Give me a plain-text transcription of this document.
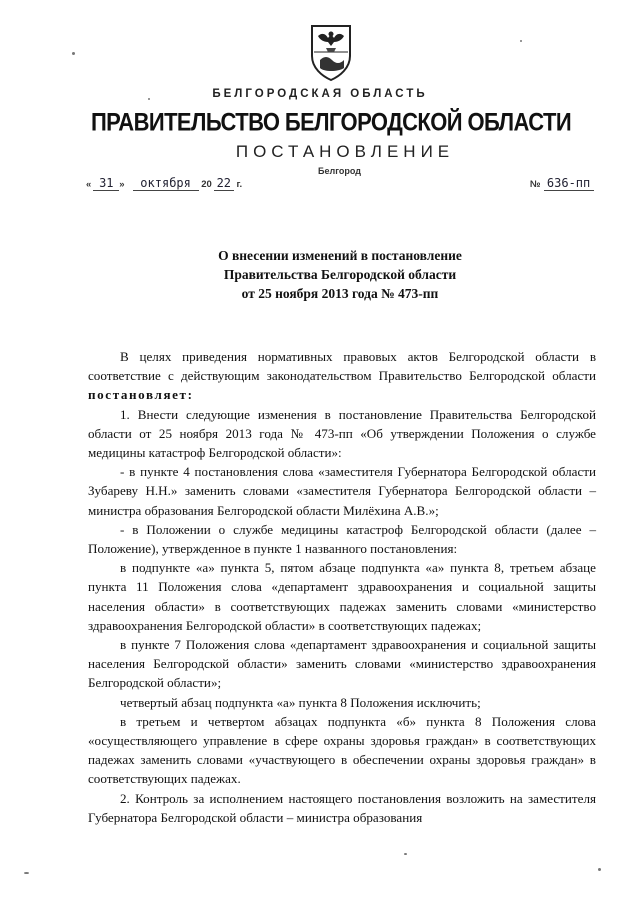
БЕЛГОРОДСКАЯ ОБЛАСТЬ
ПРАВИТЕЛЬСТВО БЕЛГОРОДСКОЙ ОБЛАСТИ
ПОСТАНОВЛЕНИЕ
Белгород
« 31 » октября 20 22 г.	№ 636-пп
О внесении изменений в постановление
Правительства Белгородской области
от 25 ноября 2013 года № 473-пп

В целях приведения нормативных правовых актов Белгородской области в соответствие с действующим законодательством Правительство Белгородской области постановляет:

1. Внести следующие изменения в постановление Правительства Белгородской области от 25 ноября 2013 года № 473-пп «Об утверждении Положения о службе медицины катастроф Белгородской области»:

- в пункте 4 постановления слова «заместителя Губернатора Белгородской области Зубареву Н.Н.» заменить словами «заместителя Губернатора Белгородской области – министра образования Белгородской области Милёхина А.В.»;

- в Положении о службе медицины катастроф Белгородской области (далее – Положение), утвержденное в пункте 1 названного постановления:

в подпункте «а» пункта 5, пятом абзаце подпункта «а» пункта 8, третьем абзаце пункта 11 Положения слова «департамент здравоохранения и социальной защиты населения области» в соответствующих падежах заменить словами «министерство здравоохранения Белгородской области» в соответствующих падежах;

в пункте 7 Положения слова «департамент здравоохранения и социальной защиты населения Белгородской области» заменить словами «министерство здравоохранения Белгородской области»;

четвертый абзац подпункта «а» пункта 8 Положения исключить;

в третьем и четвертом абзацах подпункта «б» пункта 8 Положения слова «осуществляющего управление в сфере охраны здоровья граждан» в соответствующих падежах заменить словами «участвующего в обеспечении охраны здоровья граждан» в соответствующих падежах.

2. Контроль за исполнением настоящего постановления возложить на заместителя Губернатора Белгородской области – министра образования
